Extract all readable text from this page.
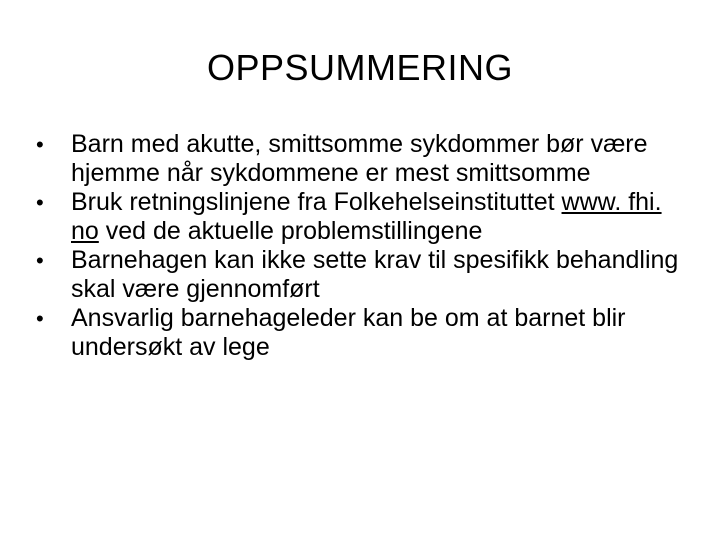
OPPSUMMERING
•	Barn med akutte, smittsomme sykdommer bør være hjemme når sykdommene er mest smittsomme
•	Bruk retningslinjene fra Folkehelseinstituttet www. fhi. no ved de aktuelle problemstillingene
•	Barnehagen kan ikke sette krav til spesifikk behandling skal være gjennomført
•	Ansvarlig barnehageleder kan be om at barnet blir undersøkt av lege
